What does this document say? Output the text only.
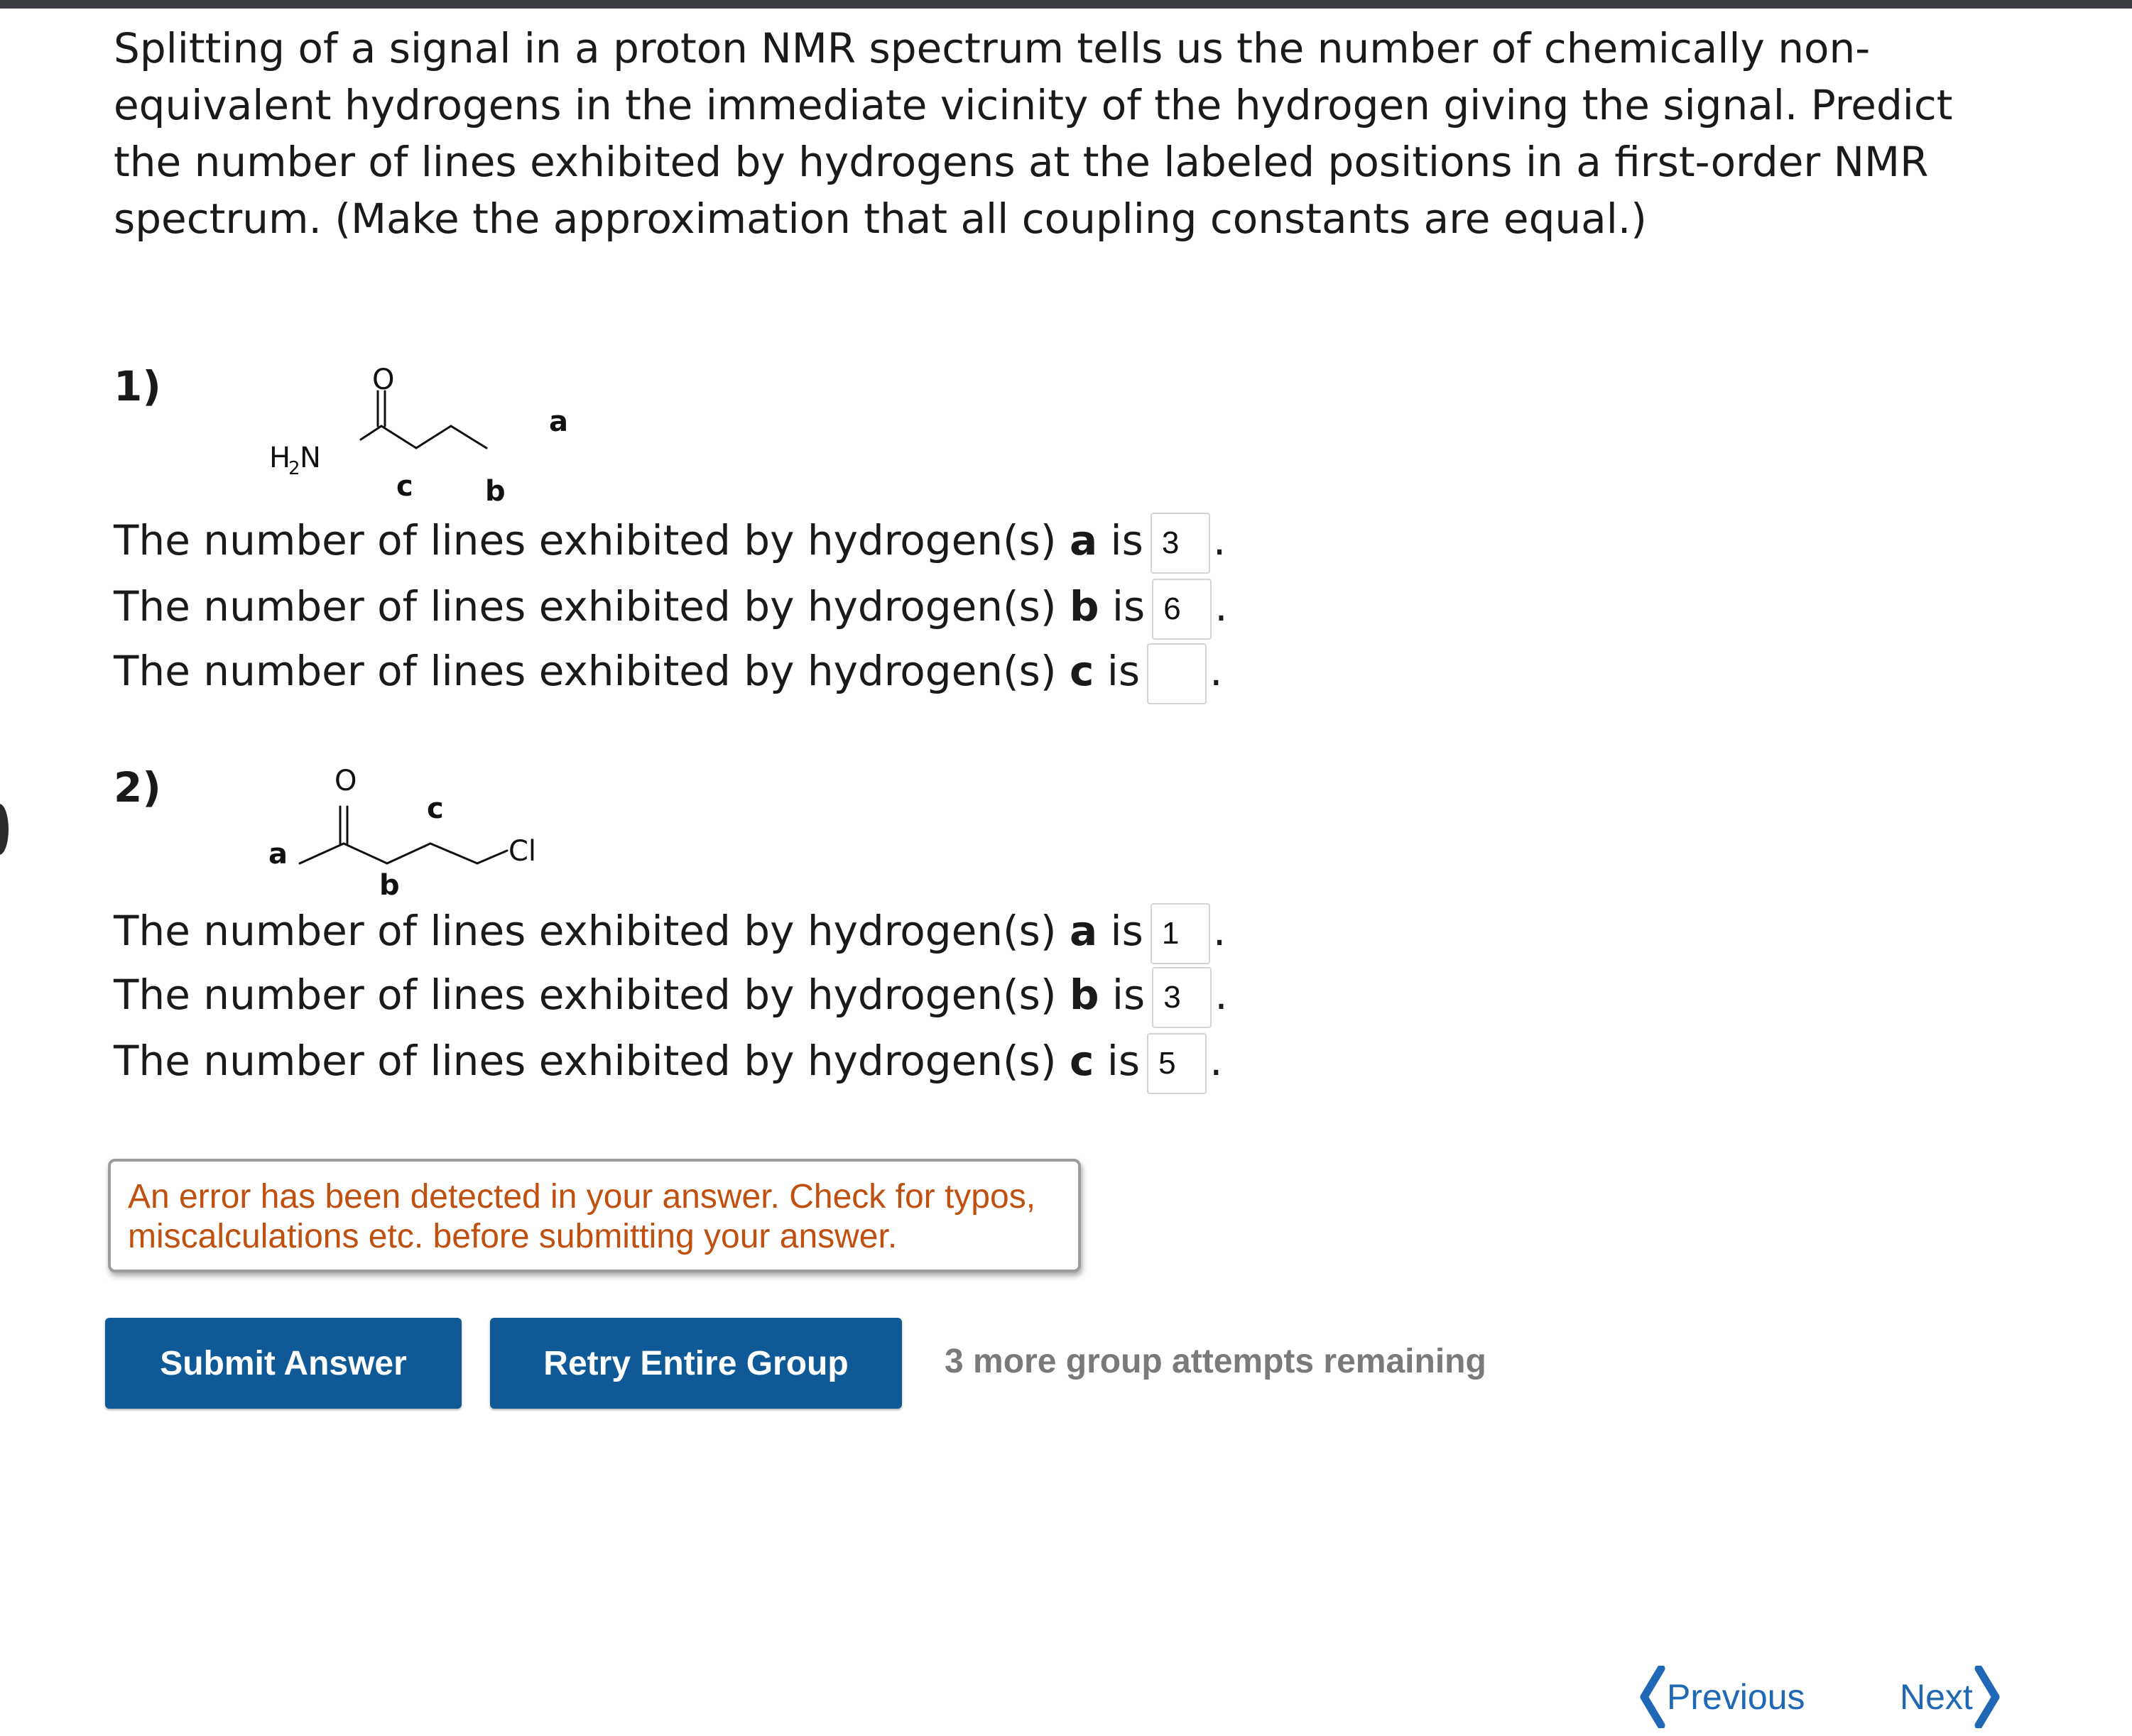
Splitting of a signal in a proton NMR spectrum tells us the number of chemically non-equivalent hydrogens in the immediate vicinity of the hydrogen giving the signal. Predict the number of lines exhibited by hydrogens at the labeled positions in a first-order NMR spectrum. (Make the approximation that all coupling constants are equal.)

1)	O
H
2 N
a
b
c
The number of lines exhibited by hydrogen(s) a is3 .
The number of lines exhibited by hydrogen(s) b is6 .
The number of lines exhibited by hydrogen(s) c is .
2)	O
Cl
a
b
c
The number of lines exhibited by hydrogen(s) a is1 .
The number of lines exhibited by hydrogen(s) b is3 .
The number of lines exhibited by hydrogen(s) c is5 .
An error has been detected in your answer. Check for typos, miscalculations etc. before submitting your answer.
Submit Answer	Retry Entire Group	3 more group attempts remaining
Previous	Next
